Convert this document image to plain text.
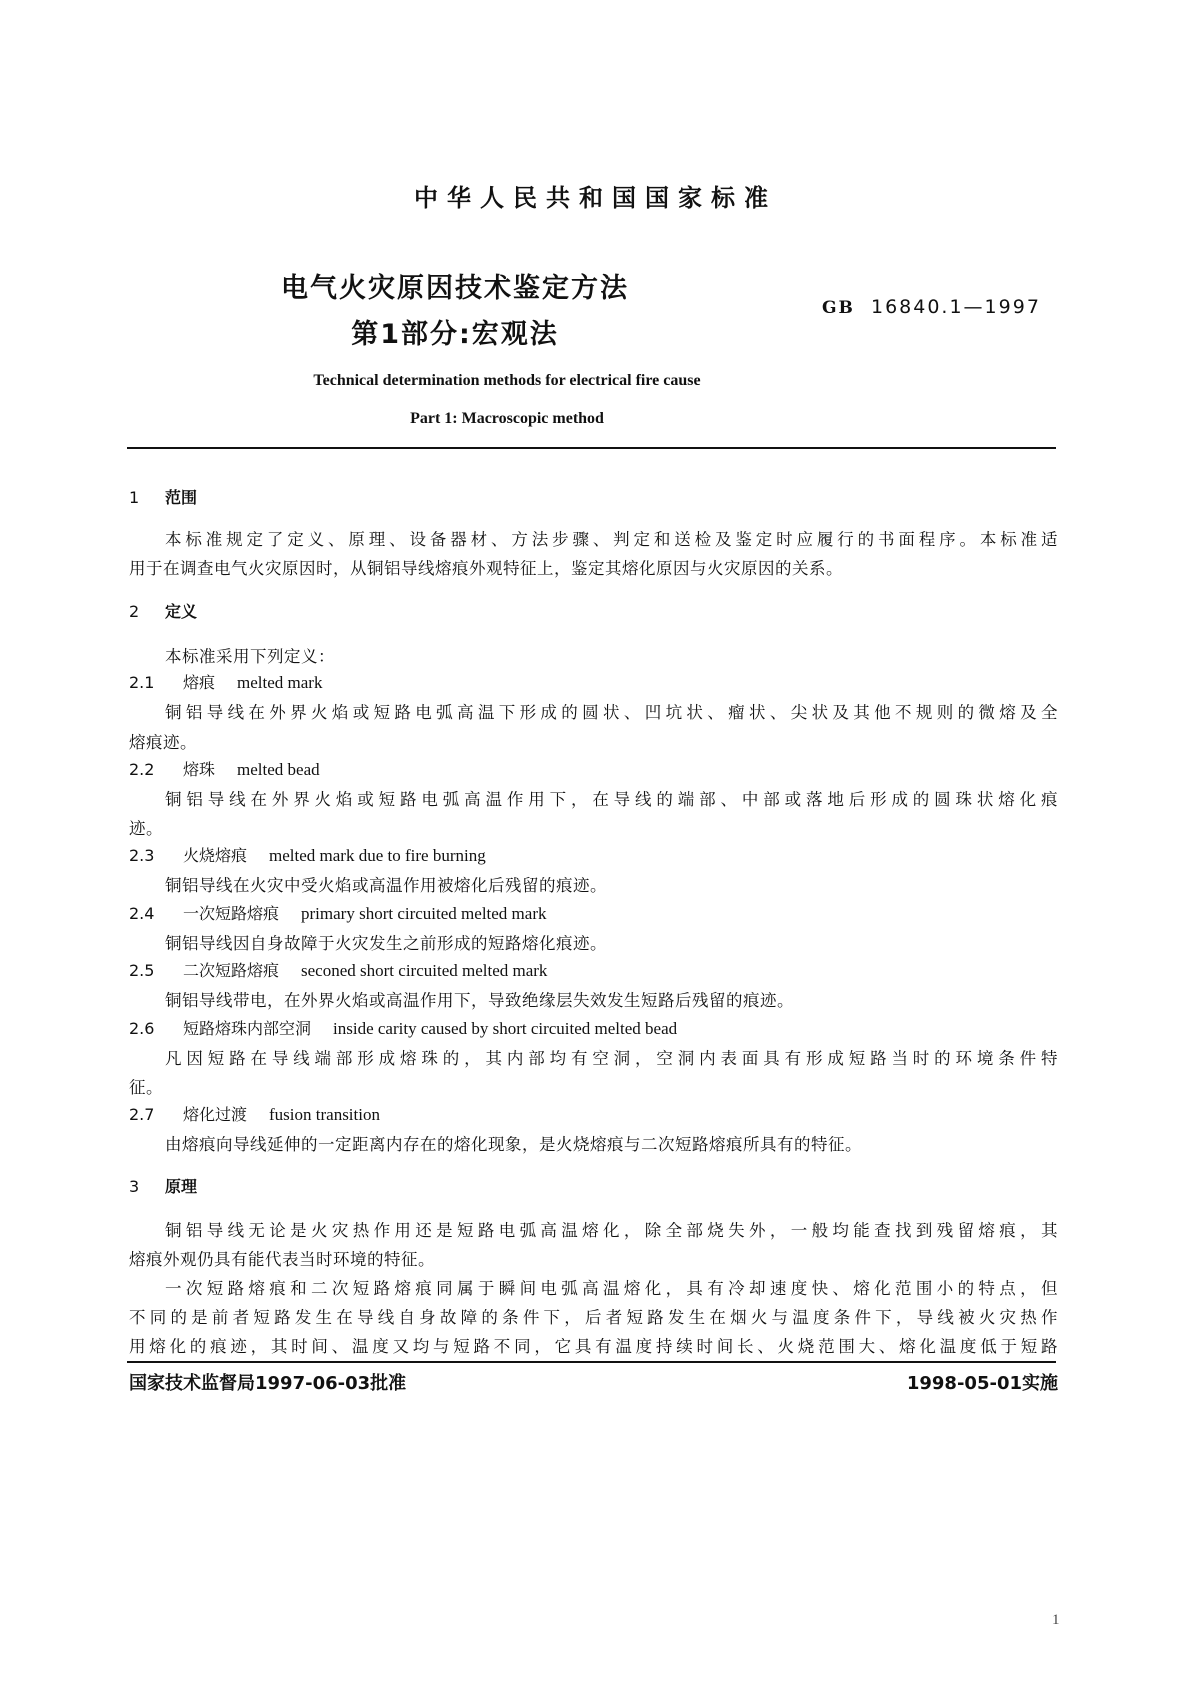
中华人民共和国国家标准
电气火灾原因技术鉴定方法
第1部分:宏观法
GB 16840.1—1997
Technical determination methods for electrical fire cause
Part 1: Macroscopic method
1 范围
本标准规定了定义、原理、设备器材、方法步骤、判定和送检及鉴定时应履行的书面程序。本标准适
用于在调查电气火灾原因时，从铜铝导线熔痕外观特征上，鉴定其熔化原因与火灾原因的关系。
2 定义
本标准采用下列定义：
2.1 熔痕 melted mark
铜铝导线在外界火焰或短路电弧高温下形成的圆状、凹坑状、瘤状、尖状及其他不规则的微熔及全
熔痕迹。
2.2 熔珠 melted bead
铜铝导线在外界火焰或短路电弧高温作用下，在导线的端部、中部或落地后形成的圆珠状熔化痕
迹。
2.3 火烧熔痕 melted mark due to fire burning
铜铝导线在火灾中受火焰或高温作用被熔化后残留的痕迹。
2.4 一次短路熔痕 primary short circuited melted mark
铜铝导线因自身故障于火灾发生之前形成的短路熔化痕迹。
2.5 二次短路熔痕 seconed short circuited melted mark
铜铝导线带电，在外界火焰或高温作用下，导致绝缘层失效发生短路后残留的痕迹。
2.6 短路熔珠内部空洞 inside carity caused by short circuited melted bead
凡因短路在导线端部形成熔珠的，其内部均有空洞，空洞内表面具有形成短路当时的环境条件特
征。
2.7 熔化过渡 fusion transition
由熔痕向导线延伸的一定距离内存在的熔化现象，是火烧熔痕与二次短路熔痕所具有的特征。
3 原理
铜铝导线无论是火灾热作用还是短路电弧高温熔化，除全部烧失外，一般均能查找到残留熔痕，其
熔痕外观仍具有能代表当时环境的特征。
一次短路熔痕和二次短路熔痕同属于瞬间电弧高温熔化，具有冷却速度快、熔化范围小的特点，但
不同的是前者短路发生在导线自身故障的条件下，后者短路发生在烟火与温度条件下，导线被火灾热作
用熔化的痕迹，其时间、温度又均与短路不同，它具有温度持续时间长、火烧范围大、熔化温度低于短路
国家技术监督局1997-06-03批准	1998-05-01实施
1
